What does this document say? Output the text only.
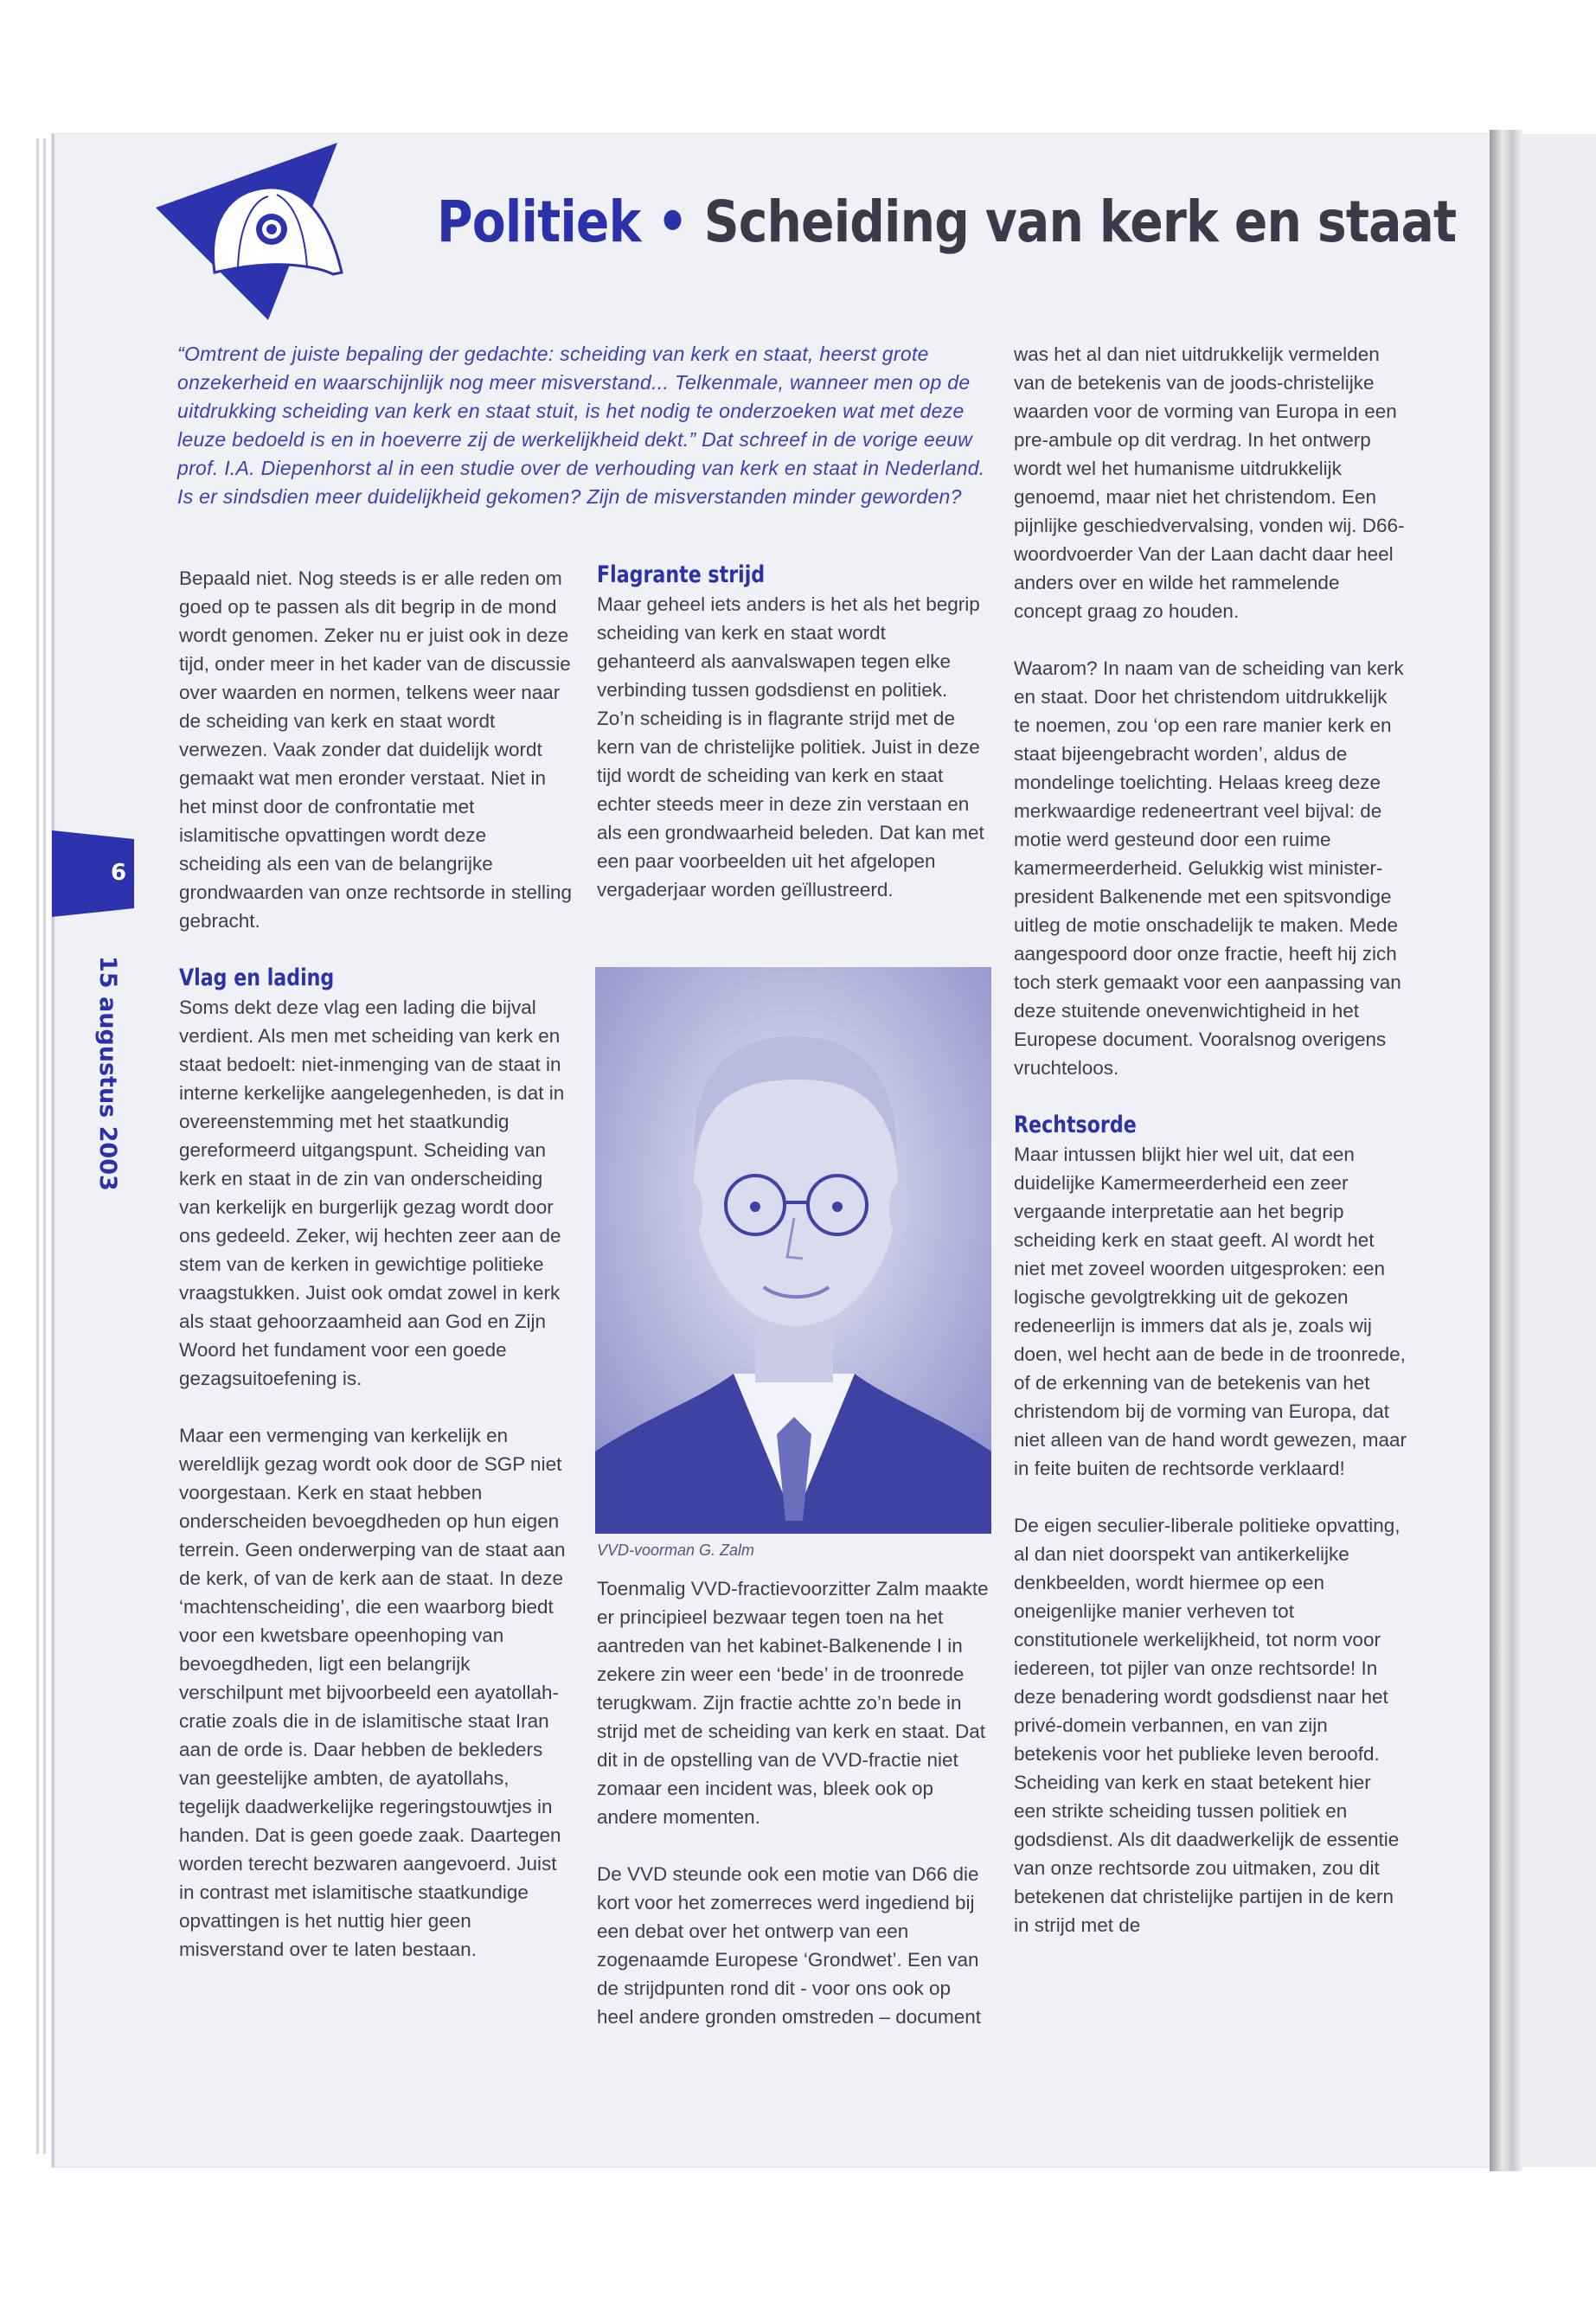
Politiek • Scheiding van kerk en staat
“Omtrent de juiste bepaling der gedachte: scheiding van kerk en staat, heerst grote onzekerheid en waarschijnlijk nog meer misverstand... Telkenmale, wanneer men op de uitdrukking scheiding van kerk en staat stuit, is het nodig te onderzoeken wat met deze leuze bedoeld is en in hoeverre zij de werkelijkheid dekt.” Dat schreef in de vorige eeuw prof. I.A. Diepenhorst al in een studie over de verhouding van kerk en staat in Nederland. Is er sindsdien meer duidelijkheid gekomen? Zijn de misverstanden minder geworden?

Bepaald niet. Nog steeds is er alle reden om goed op te passen als dit begrip in de mond wordt genomen. Zeker nu er juist ook in deze tijd, onder meer in het kader van de discussie over waarden en normen, telkens weer naar de scheiding van kerk en staat wordt verwezen. Vaak zonder dat duidelijk wordt gemaakt wat men eronder verstaat. Niet in het minst door de confrontatie met islamitische opvattingen wordt deze scheiding als een van de belangrijke grondwaarden van onze rechtsorde in stelling gebracht.

Vlag en lading

Soms dekt deze vlag een lading die bijval verdient. Als men met scheiding van kerk en staat bedoelt: niet-inmenging van de staat in interne kerkelijke aangelegenheden, is dat in overeenstemming met het staatkundig gereformeerd uitgangspunt. Scheiding van kerk en staat in de zin van onderscheiding van kerkelijk en burgerlijk gezag wordt door ons gedeeld. Zeker, wij hechten zeer aan de stem van de kerken in gewichtige politieke vraagstukken. Juist ook omdat zowel in kerk als staat gehoorzaamheid aan God en Zijn Woord het fundament voor een goede gezagsuitoefening is.

Maar een vermenging van kerkelijk en wereldlijk gezag wordt ook door de SGP niet voorgestaan. Kerk en staat hebben onderscheiden bevoegdheden op hun eigen terrein. Geen onderwerping van de staat aan de kerk, of van de kerk aan de staat. In deze ‘machtenscheiding’, die een waarborg biedt voor een kwetsbare opeenhoping van bevoegdheden, ligt een belangrijk verschilpunt met bijvoorbeeld een ayatollah-cratie zoals die in de islamitische staat Iran aan de orde is. Daar hebben de bekleders van geestelijke ambten, de ayatollahs, tegelijk daadwerkelijke regeringstouwtjes in handen. Dat is geen goede zaak. Daartegen worden terecht bezwaren aangevoerd. Juist in contrast met islamitische staatkundige opvattingen is het nuttig hier geen misverstand over te laten bestaan.

Flagrante strijd

Maar geheel iets anders is het als het begrip scheiding van kerk en staat wordt gehanteerd als aanvalswapen tegen elke verbinding tussen godsdienst en politiek. Zo’n scheiding is in flagrante strijd met de kern van de christelijke politiek. Juist in deze tijd wordt de scheiding van kerk en staat echter steeds meer in deze zin verstaan en als een grondwaarheid beleden. Dat kan met een paar voorbeelden uit het afgelopen vergaderjaar worden geïllustreerd.

VVD-voorman G. Zalm

Toenmalig VVD-fractievoorzitter Zalm maakte er principieel bezwaar tegen toen na het aantreden van het kabinet-Balkenende I in zekere zin weer een ‘bede’ in de troonrede terugkwam. Zijn fractie achtte zo’n bede in strijd met de scheiding van kerk en staat. Dat dit in de opstelling van de VVD-fractie niet zomaar een incident was, bleek ook op andere momenten.

De VVD steunde ook een motie van D66 die kort voor het zomerreces werd ingediend bij een debat over het ontwerp van een zogenaamde Europese ‘Grondwet’. Een van de strijdpunten rond dit - voor ons ook op heel andere gronden omstreden – document

was het al dan niet uitdrukkelijk vermelden van de betekenis van de joods-christelijke waarden voor de vorming van Europa in een pre-ambule op dit verdrag. In het ontwerp wordt wel het humanisme uitdrukkelijk genoemd, maar niet het christendom. Een pijnlijke geschiedvervalsing, vonden wij. D66-woordvoerder Van der Laan dacht daar heel anders over en wilde het rammelende concept graag zo houden.

Waarom? In naam van de scheiding van kerk en staat. Door het christendom uitdrukkelijk te noemen, zou ‘op een rare manier kerk en staat bijeengebracht worden’, aldus de mondelinge toelichting. Helaas kreeg deze merkwaardige redeneertrant veel bijval: de motie werd gesteund door een ruime kamermeerderheid. Gelukkig wist minister-president Balkenende met een spitsvondige uitleg de motie onschadelijk te maken. Mede aangespoord door onze fractie, heeft hij zich toch sterk gemaakt voor een aanpassing van deze stuitende onevenwichtigheid in het Europese document. Vooralsnog overigens vruchteloos.

Rechtsorde

Maar intussen blijkt hier wel uit, dat een duidelijke Kamermeerderheid een zeer vergaande interpretatie aan het begrip scheiding kerk en staat geeft. Al wordt het niet met zoveel woorden uitgesproken: een logische gevolgtrekking uit de gekozen redeneerlijn is immers dat als je, zoals wij doen, wel hecht aan de bede in de troonrede, of de erkenning van de betekenis van het christendom bij de vorming van Europa, dat niet alleen van de hand wordt gewezen, maar in feite buiten de rechtsorde verklaard!

De eigen seculier-liberale politieke opvatting, al dan niet doorspekt van antikerkelijke denkbeelden, wordt hiermee op een oneigenlijke manier verheven tot constitutionele werkelijkheid, tot norm voor iedereen, tot pijler van onze rechtsorde! In deze benadering wordt godsdienst naar het privé-domein verbannen, en van zijn betekenis voor het publieke leven beroofd. Scheiding van kerk en staat betekent hier een strikte scheiding tussen politiek en godsdienst. Als dit daadwerkelijk de essentie van onze rechtsorde zou uitmaken, zou dit betekenen dat christelijke partijen in de kern in strijd met de

6
15 augustus 2003
